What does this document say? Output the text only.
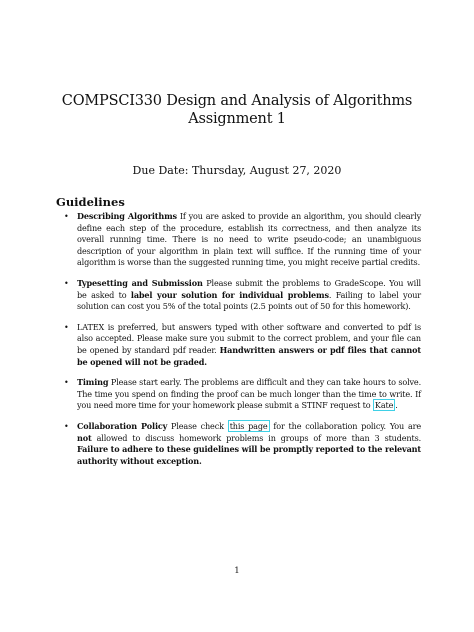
COMPSCI330 Design and Analysis of Algorithms
Assignment 1
Due Date: Thursday, August 27, 2020
Guidelines
• Describing Algorithms If you are asked to provide an algorithm, you should clearly define each step of the procedure, establish its correctness, and then analyze its overall running time. There is no need to write pseudo-code; an unambiguous description of your algorithm in plain text will suffice. If the running time of your algorithm is worse than the suggested running time, you might receive partial credits.
• Typesetting and Submission Please submit the problems to GradeScope. You will be asked to label your solution for individual problems. Failing to label your solution can cost you 5% of the total points (2.5 points out of 50 for this homework).
• LATEX is preferred, but answers typed with other software and converted to pdf is also accepted. Please make sure you submit to the correct problem, and your file can be opened by standard pdf reader. Handwritten answers or pdf files that cannot be opened will not be graded.
• Timing Please start early. The problems are difficult and they can take hours to solve. The time you spend on finding the proof can be much longer than the time to write. If you need more time for your homework please submit a STINF request to Kate .
• Collaboration Policy Please check this page for the collaboration policy. You are not allowed to discuss homework problems in groups of more than 3 students. Failure to adhere to these guidelines will be promptly reported to the relevant authority without exception.
1
